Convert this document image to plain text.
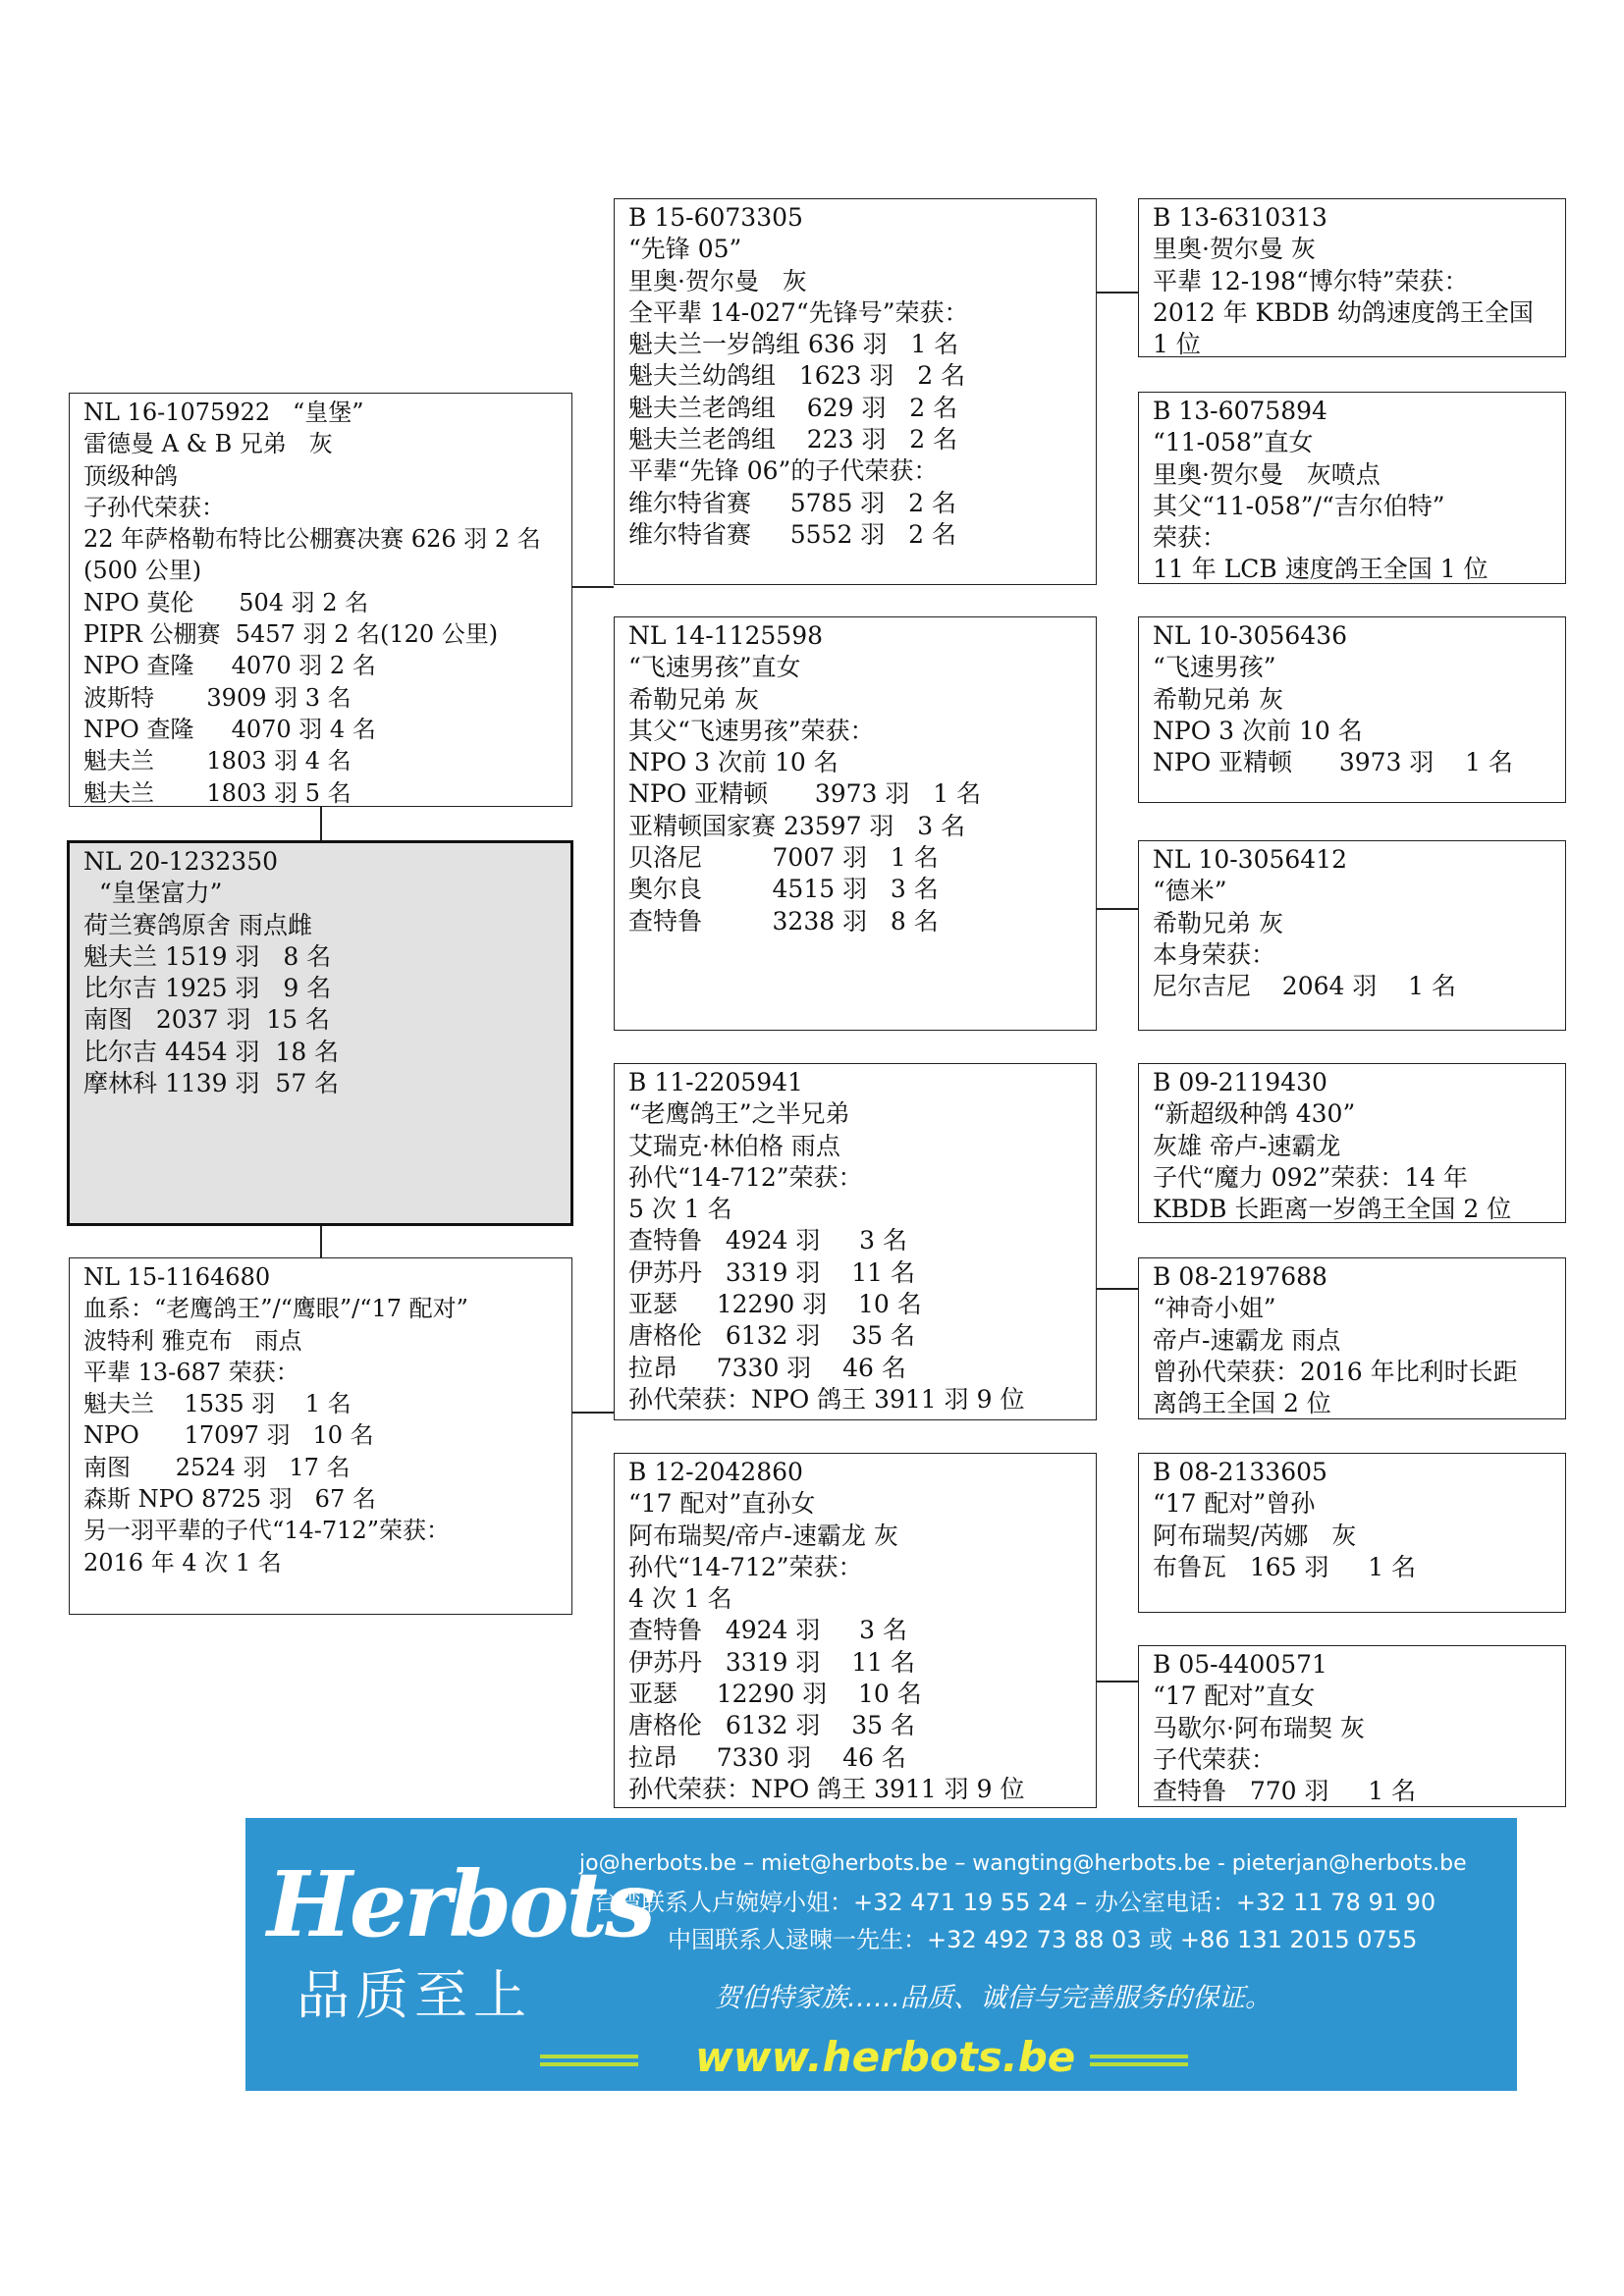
NL 16-1075922   “皇堡”
雷德曼 A & B 兄弟   灰
顶级种鸽
子孙代荣获：
22 年萨格勒布特比公棚赛决赛 626 羽 2 名(500 公里)
NPO 莫伦      504 羽 2 名
PIPR 公棚赛  5457 羽 2 名(120 公里)
NPO 查隆     4070 羽 2 名
波斯特       3909 羽 3 名
NPO 查隆     4070 羽 4 名
魁夫兰       1803 羽 4 名
魁夫兰       1803 羽 5 名
NL 20-1232350
“皇堡富力”
荷兰赛鸽原舍 雨点雌
魁夫兰 1519 羽   8 名
比尔吉 1925 羽   9 名
南图   2037 羽  15 名
比尔吉 4454 羽  18 名
摩林科 1139 羽  57 名
NL 15-1164680
血系：“老鹰鸽王”/“鹰眼”/“17 配对”
波特利 雅克布   雨点
平辈 13-687 荣获：
魁夫兰    1535 羽    1 名
NPO      17097 羽   10 名
南图      2524 羽   17 名
森斯 NPO 8725 羽   67 名
另一羽平辈的子代“14-712”荣获：
2016 年 4 次 1 名
B 15-6073305
“先锋 05”
里奥·贺尔曼   灰
全平辈 14-027“先锋号”荣获：
魁夫兰一岁鸽组 636 羽   1 名
魁夫兰幼鸽组   1623 羽   2 名
魁夫兰老鸽组    629 羽   2 名
魁夫兰老鸽组    223 羽   2 名
平辈“先锋 06”的子代荣获：
维尔特省赛     5785 羽   2 名
维尔特省赛     5552 羽   2 名
NL 14-1125598
“飞速男孩”直女
希勒兄弟 灰
其父“飞速男孩”荣获：
NPO 3 次前 10 名
NPO 亚精顿      3973 羽   1 名
亚精顿国家赛 23597 羽   3 名
贝洛尼         7007 羽   1 名
奥尔良         4515 羽   3 名
查特鲁         3238 羽   8 名
B 11-2205941
“老鹰鸽王”之半兄弟
艾瑞克·林伯格 雨点
孙代“14-712”荣获：
5 次 1 名
查特鲁   4924 羽     3 名
伊苏丹   3319 羽    11 名
亚瑟     12290 羽    10 名
唐格伦   6132 羽    35 名
拉昂     7330 羽    46 名
孙代荣获：NPO 鸽王 3911 羽 9 位
B 12-2042860
“17 配对”直孙女
阿布瑞契/帝卢-速霸龙 灰
孙代“14-712”荣获：
4 次 1 名
查特鲁   4924 羽     3 名
伊苏丹   3319 羽    11 名
亚瑟     12290 羽    10 名
唐格伦   6132 羽    35 名
拉昂     7330 羽    46 名
孙代荣获：NPO 鸽王 3911 羽 9 位
B 13-6310313
里奥·贺尔曼 灰
平辈 12-198“博尔特”荣获：
2012 年 KBDB 幼鸽速度鸽王全国
1 位
B 13-6075894
“11-058”直女
里奥·贺尔曼   灰喷点
其父“11-058”/“吉尔伯特”
荣获：
11 年 LCB 速度鸽王全国 1 位
NL 10-3056436
“飞速男孩”
希勒兄弟 灰
NPO 3 次前 10 名
NPO 亚精顿      3973 羽    1 名
NL 10-3056412
“德米”
希勒兄弟 灰
本身荣获：
尼尔吉尼    2064 羽    1 名
B 09-2119430
“新超级种鸽 430”
灰雄 帝卢-速霸龙
子代“魔力 092”荣获：14 年
KBDB 长距离一岁鸽王全国 2 位
B 08-2197688
“神奇小姐”
帝卢-速霸龙 雨点
曾孙代荣获：2016 年比利时长距
离鸽王全国 2 位
B 08-2133605
“17 配对”曾孙
阿布瑞契/芮娜   灰
布鲁瓦   165 羽     1 名
B 05-4400571
“17 配对”直女
马歇尔·阿布瑞契 灰
子代荣获：
查特鲁   770 羽     1 名
Herbots
品质至上
jo@herbots.be – miet@herbots.be – wangting@herbots.be - pieterjan@herbots.be
台湾联系人卢婉婷小姐：+32 471 19 55 24 – 办公室电话：+32 11 78 91 90
中国联系人逯暕一先生：+32 492 73 88 03 或 +86 131 2015 0755
贺伯特家族……品质、诚信与完善服务的保证。
www.herbots.be
